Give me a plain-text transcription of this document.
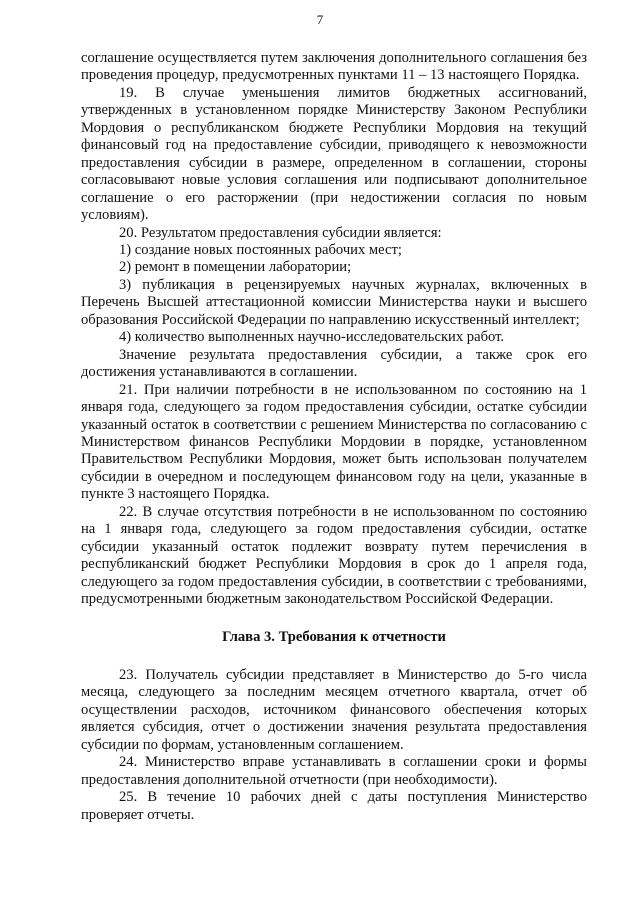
7

соглашение осуществляется путем заключения дополнительного соглашения без проведения процедур, предусмотренных пунктами 11 – 13 настоящего Порядка.

19. В случае уменьшения лимитов бюджетных ассигнований, утвержденных в установленном порядке Министерству Законом Республики Мордовия о республиканском бюджете Республики Мордовия на текущий финансовый год на предоставление субсидии, приводящего к невозможности предоставления субсидии в размере, определенном в соглашении, стороны согласовывают новые условия соглашения или подписывают дополнительное соглашение о его расторжении (при недостижении согласия по новым условиям).

20. Результатом предоставления субсидии является:

1) создание новых постоянных рабочих мест;

2) ремонт в помещении лаборатории;

3) публикация в рецензируемых научных журналах, включенных в Перечень Высшей аттестационной комиссии Министерства науки и высшего образования Российской Федерации по направлению искусственный интеллект;

4) количество выполненных научно-исследовательских работ.

Значение результата предоставления субсидии, а также срок его достижения устанавливаются в соглашении.

21. При наличии потребности в не использованном по состоянию на 1 января года, следующего за годом предоставления субсидии, остатке субсидии указанный остаток в соответствии с решением Министерства по согласованию с Министерством финансов Республики Мордовии в порядке, установленном Правительством Республики Мордовия, может быть использован получателем субсидии в очередном и последующем финансовом году на цели, указанные в пункте 3 настоящего Порядка.

22. В случае отсутствия потребности в не использованном по состоянию на 1 января года, следующего за годом предоставления субсидии, остатке субсидии указанный остаток подлежит возврату путем перечисления в республиканский бюджет Республики Мордовия в срок до 1 апреля года, следующего за годом предоставления субсидии, в соответствии с требованиями, предусмотренными бюджетным законодательством Российской Федерации.

Глава 3. Требования к отчетности

23. Получатель субсидии представляет в Министерство до 5-го числа месяца, следующего за последним месяцем отчетного квартала, отчет об осуществлении расходов, источником финансового обеспечения которых является субсидия, отчет о достижении значения результата предоставления субсидии по формам, установленным соглашением.

24. Министерство вправе устанавливать в соглашении сроки и формы предоставления дополнительной отчетности (при необходимости).

25. В течение 10 рабочих дней с даты поступления Министерство проверяет отчеты.
